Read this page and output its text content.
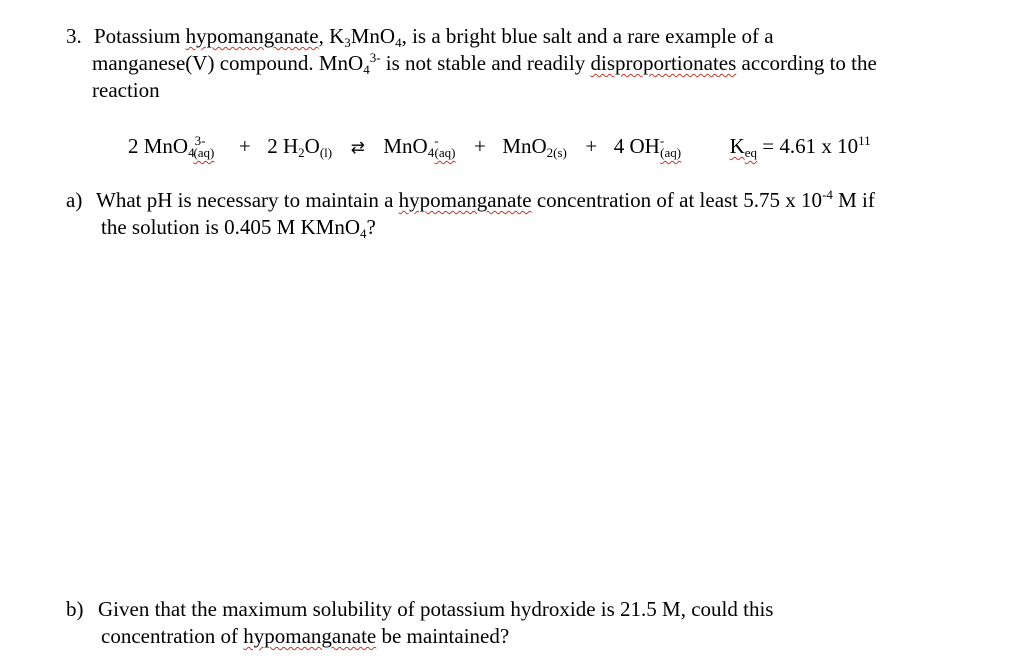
3. Potassium hypomanganate, $K_3MnO_4$, is a bright blue salt and a rare example of a
manganese(V) compound. MnO$_4^{3-}$ is not stable and readily disproportionates according to the
reaction
2 MnO$_4^{3-}_{(aq)}$ + 2 $H_2O_{(l)}$ ⇄ MnO$_4$-$_{(aq)}$ + MnO$_{2(s)}$ + 4 $OH^-_{(aq)}$ $K_{eq} = 4.61$ x $10^{11}$
a) What pH is necessary to maintain a hypomanganate concentration of at least 5.75 x $10^{-4}$ M if
the solution is 0.405 M KMnO$_4$?
b) Given that the maximum solubility of potassium hydroxide is 21.5 M, could this
concentration of hypomanganate be maintained?
